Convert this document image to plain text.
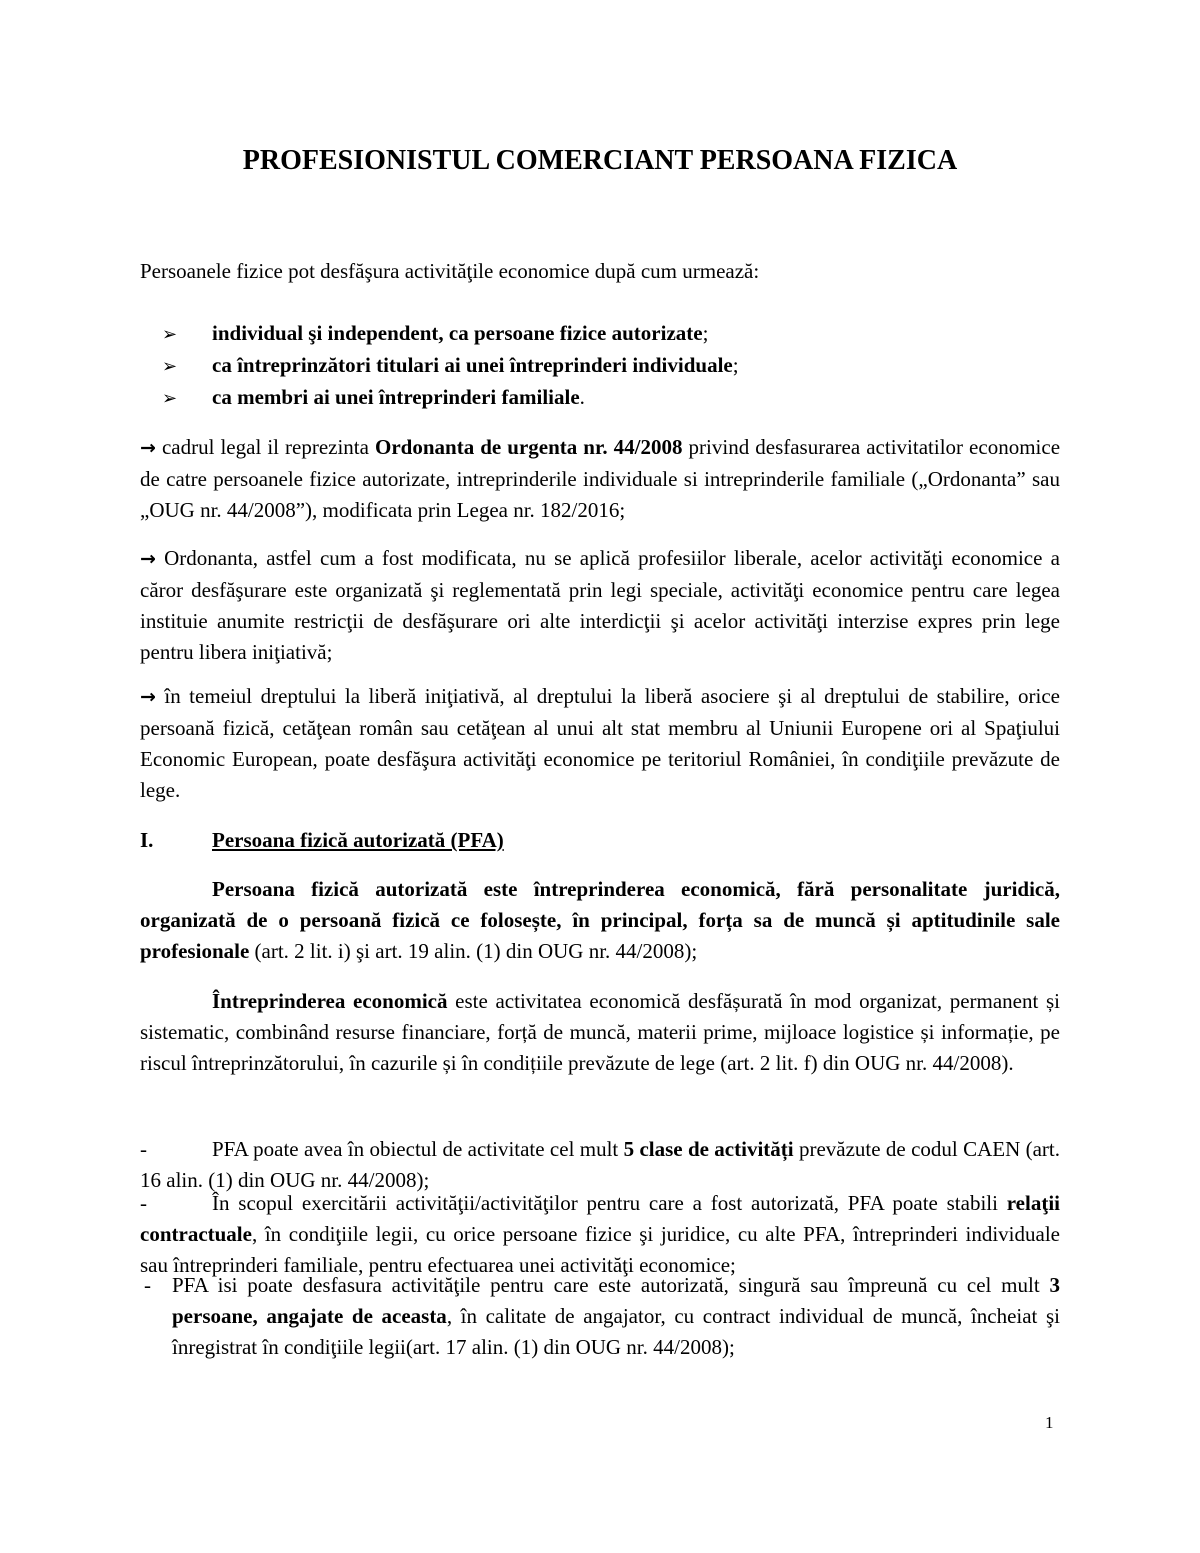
PROFESIONISTUL COMERCIANT PERSOANA FIZICA
Persoanele fizice pot desfăşura activităţile economice după cum urmează:
➢ individual şi independent, ca persoane fizice autorizate;
➢ ca întreprinzători titulari ai unei întreprinderi individuale;
➢ ca membri ai unei întreprinderi familiale.
→ cadrul legal il reprezinta Ordonanta de urgenta nr. 44/2008 privind desfasurarea activitatilor economice de catre persoanele fizice autorizate, intreprinderile individuale si intreprinderile familiale („Ordonanta” sau „OUG nr. 44/2008”), modificata prin Legea nr. 182/2016;
→ Ordonanta, astfel cum a fost modificata, nu se aplică profesiilor liberale, acelor activităţi economice a căror desfăşurare este organizată şi reglementată prin legi speciale, activităţi economice pentru care legea instituie anumite restricţii de desfăşurare ori alte interdicţii şi acelor activităţi interzise expres prin lege pentru libera iniţiativă;
→ în temeiul dreptului la liberă iniţiativă, al dreptului la liberă asociere şi al dreptului de stabilire, orice persoană fizică, cetăţean român sau cetăţean al unui alt stat membru al Uniunii Europene ori al Spaţiului Economic European, poate desfăşura activităţi economice pe teritoriul României, în condiţiile prevăzute de lege.
I.	Persoana fizică autorizată (PFA)
Persoana fizică autorizată este întreprinderea economică, fără personalitate juridică, organizată de o persoană fizică ce folosește, în principal, forța sa de muncă și aptitudinile sale profesionale (art. 2 lit. i) şi art. 19 alin. (1) din OUG nr. 44/2008);
Întreprinderea economică este activitatea economică desfășurată în mod organizat, permanent și sistematic, combinând resurse financiare, forță de muncă, materii prime, mijloace logistice și informație, pe riscul întreprinzătorului, în cazurile și în condițiile prevăzute de lege (art. 2 lit. f) din OUG nr. 44/2008).
-	PFA poate avea în obiectul de activitate cel mult 5 clase de activități prevăzute de codul CAEN (art. 16 alin. (1) din OUG nr. 44/2008);
-	În scopul exercitării activităţii/activităţilor pentru care a fost autorizată, PFA poate stabili relaţii contractuale, în condiţiile legii, cu orice persoane fizice şi juridice, cu alte PFA, întreprinderi individuale sau întreprinderi familiale, pentru efectuarea unei activităţi economice;
- PFA isi poate desfasura activităţile pentru care este autorizată, singură sau împreună cu cel mult 3 persoane, angajate de aceasta, în calitate de angajator, cu contract individual de muncă, încheiat şi înregistrat în condiţiile legii(art. 17 alin. (1) din OUG nr. 44/2008);
1
